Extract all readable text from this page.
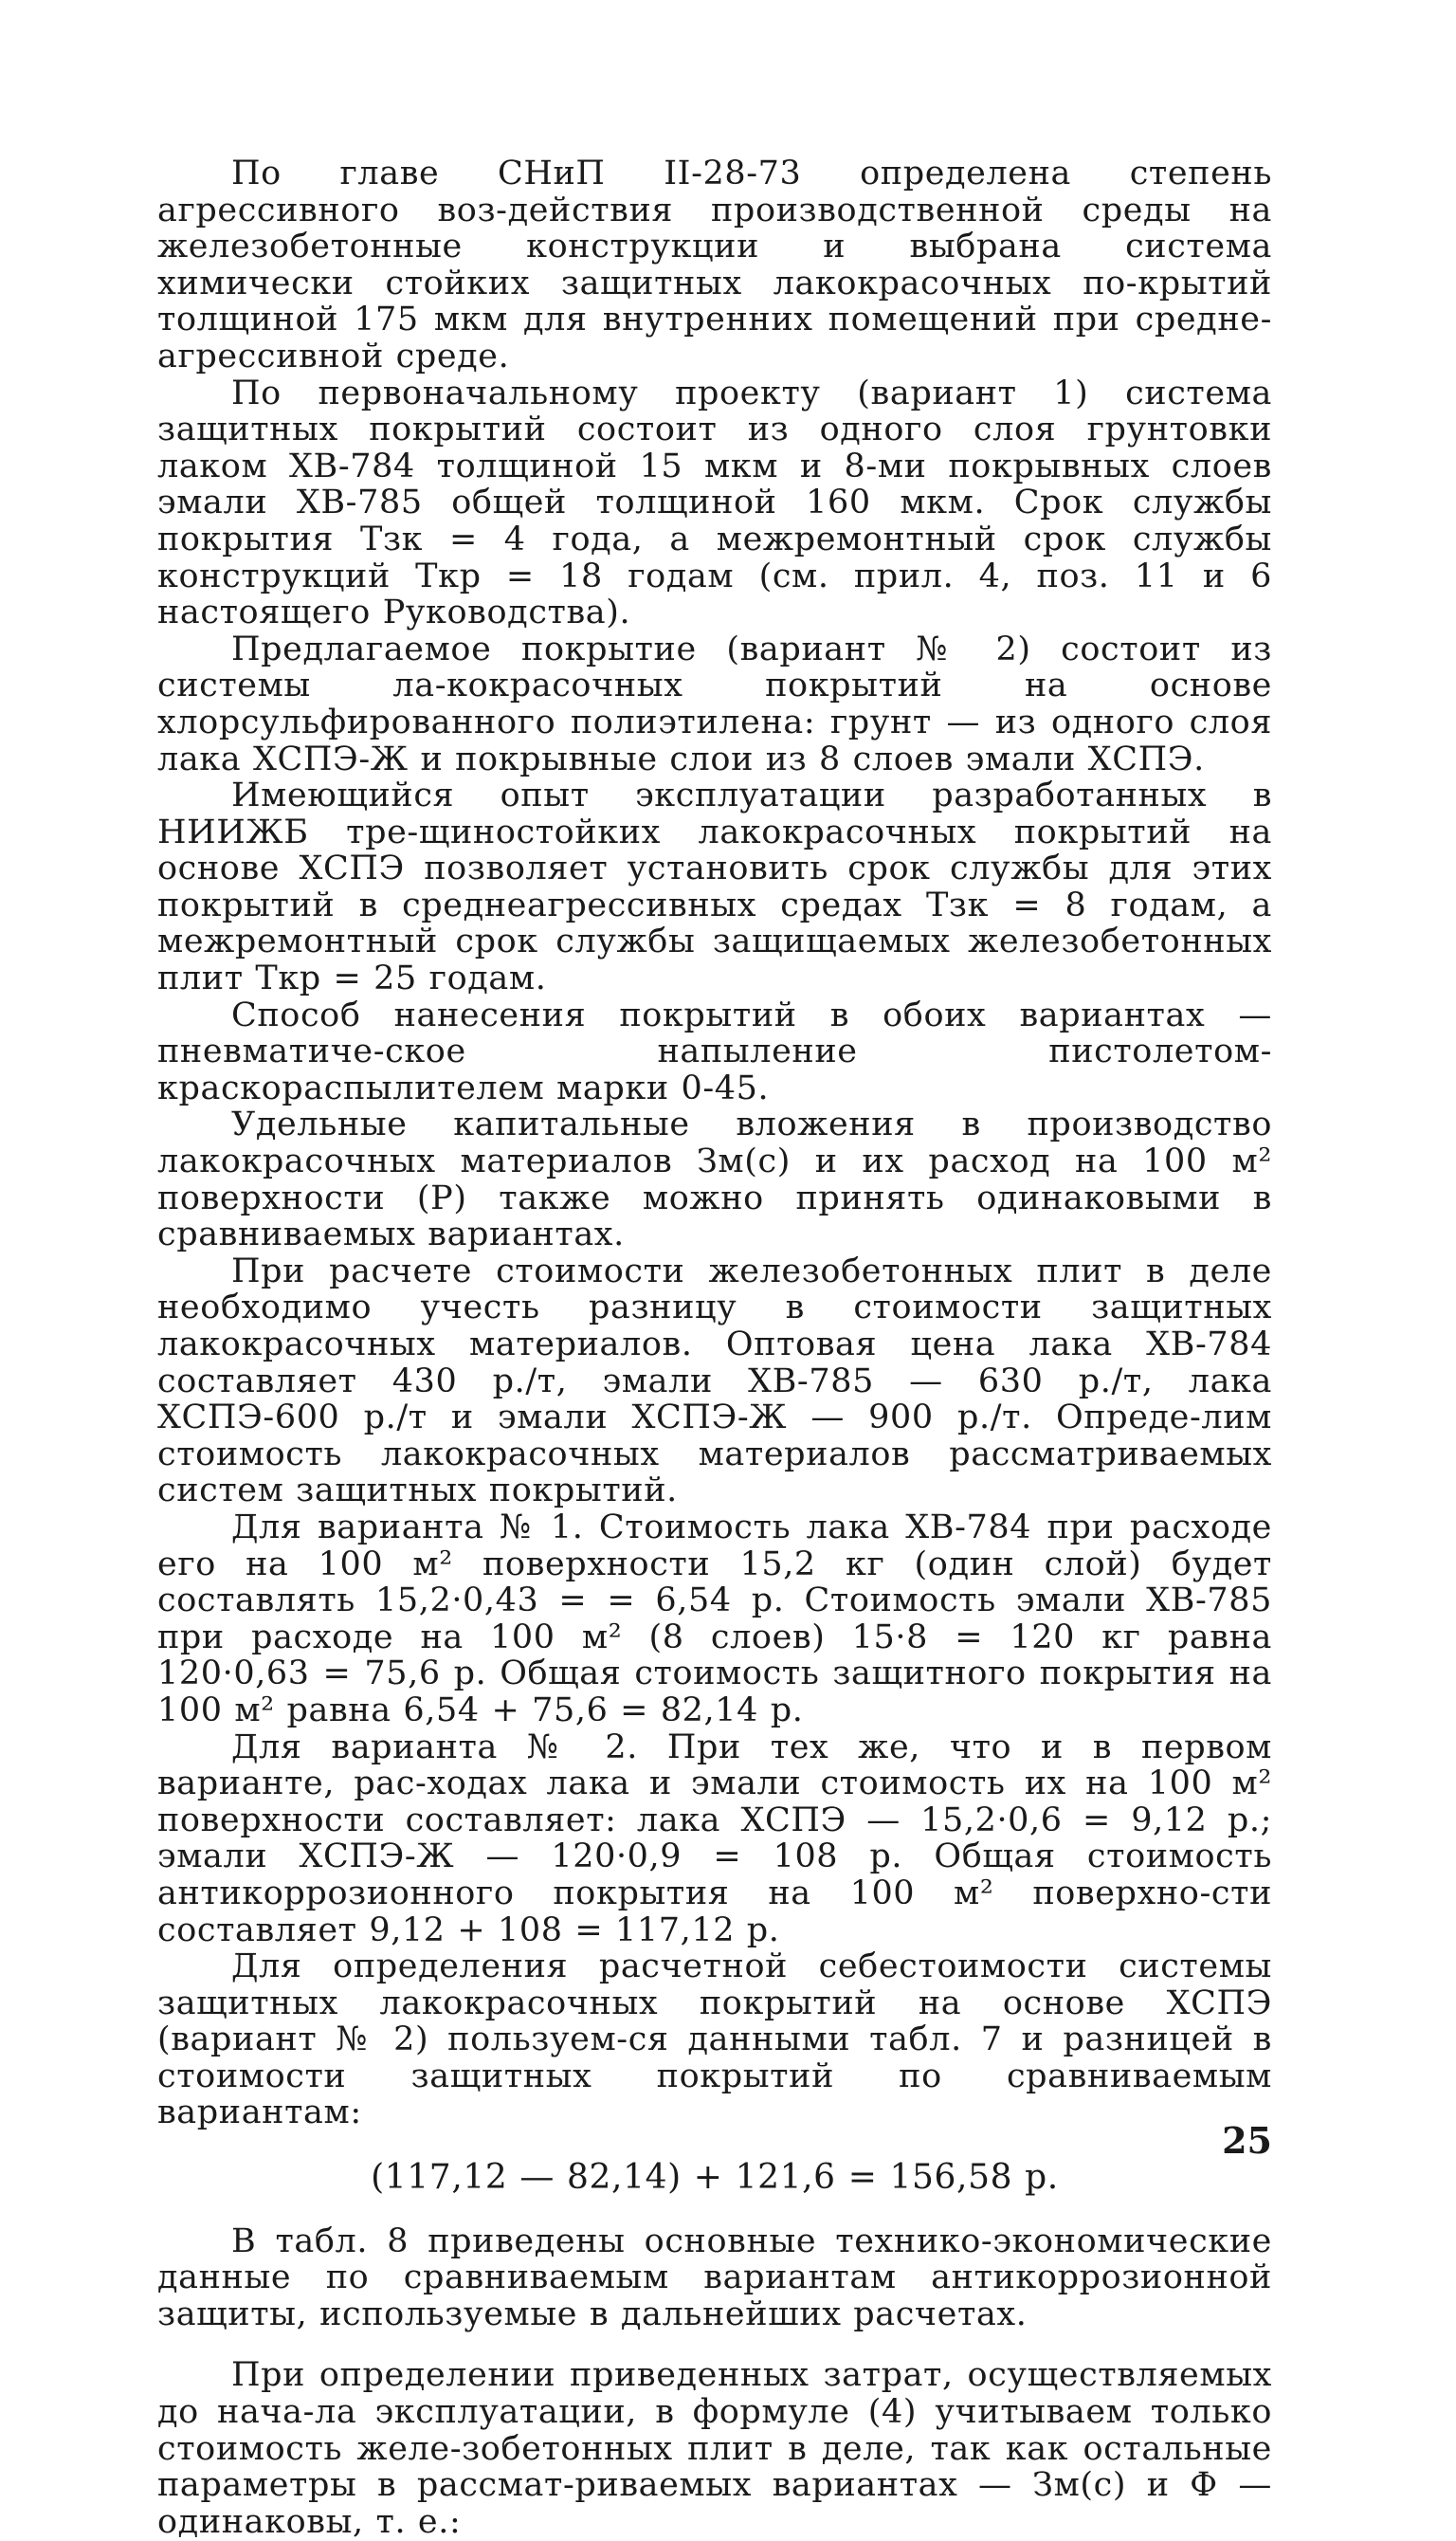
По главе СНиП II-28-73 определена степень агрессивного воз-действия производственной среды на железобетонные конструкции и выбрана система химически стойких защитных лакокрасочных по-крытий толщиной 175 мкм для внутренних помещений при средне-агрессивной среде.

По первоначальному проекту (вариант 1) система защитных покрытий состоит из одного слоя грунтовки лаком ХВ-784 толщиной 15 мкм и 8-ми покрывных слоев эмали ХВ-785 общей толщиной 160 мкм. Срок службы покрытия Тзк = 4 года, а межремонтный срок службы конструкций Ткр = 18 годам (см. прил. 4, поз. 11 и 6 настоящего Руководства).

Предлагаемое покрытие (вариант № 2) состоит из системы ла-кокрасочных покрытий на основе хлорсульфированного полиэтилена: грунт — из одного слоя лака ХСПЭ-Ж и покрывные слои из 8 слоев эмали ХСПЭ.

Имеющийся опыт эксплуатации разработанных в НИИЖБ тре-щиностойких лакокрасочных покрытий на основе ХСПЭ позволяет установить срок службы для этих покрытий в среднеагрессивных средах Тзк = 8 годам, а межремонтный срок службы защищаемых железобетонных плит Ткр = 25 годам.

Способ нанесения покрытий в обоих вариантах — пневматиче-ское напыление пистолетом-краскораспылителем марки 0-45.

Удельные капитальные вложения в производство лакокрасочных материалов Зм(с) и их расход на 100 м² поверхности (Р) также можно принять одинаковыми в сравниваемых вариантах.

При расчете стоимости железобетонных плит в деле необходимо учесть разницу в стоимости защитных лакокрасочных материалов. Оптовая цена лака ХВ-784 составляет 430 р./т, эмали ХВ-785 — 630 р./т, лака ХСПЭ-600 р./т и эмали ХСПЭ-Ж — 900 р./т. Опреде-лим стоимость лакокрасочных материалов рассматриваемых систем защитных покрытий.

Для варианта № 1. Стоимость лака ХВ-784 при расходе его на 100 м² поверхности 15,2 кг (один слой) будет составлять 15,2·0,43 = = 6,54 р. Стоимость эмали ХВ-785 при расходе на 100 м² (8 слоев) 15·8 = 120 кг равна 120·0,63 = 75,6 р. Общая стоимость защитного покрытия на 100 м² равна 6,54 + 75,6 = 82,14 р.

Для варианта № 2. При тех же, что и в первом варианте, рас-ходах лака и эмали стоимость их на 100 м² поверхности составляет: лака ХСПЭ — 15,2·0,6 = 9,12 р.; эмали ХСПЭ-Ж — 120·0,9 = 108 р. Общая стоимость антикоррозионного покрытия на 100 м² поверхно-сти составляет 9,12 + 108 = 117,12 р.

Для определения расчетной себестоимости системы защитных лакокрасочных покрытий на основе ХСПЭ (вариант № 2) пользуем-ся данными табл. 7 и разницей в стоимости защитных покрытий по сравниваемым вариантам:

(117,12 — 82,14) + 121,6 = 156,58 р.

В табл. 8 приведены основные технико-экономические данные по сравниваемым вариантам антикоррозионной защиты, используемые в дальнейших расчетах.

При определении приведенных затрат, осуществляемых до нача-ла эксплуатации, в формуле (4) учитываем только стоимость желе-зобетонных плит в деле, так как остальные параметры в рассмат-риваемых вариантах — Зм(с) и Ф — одинаковы, т. е.:

25
